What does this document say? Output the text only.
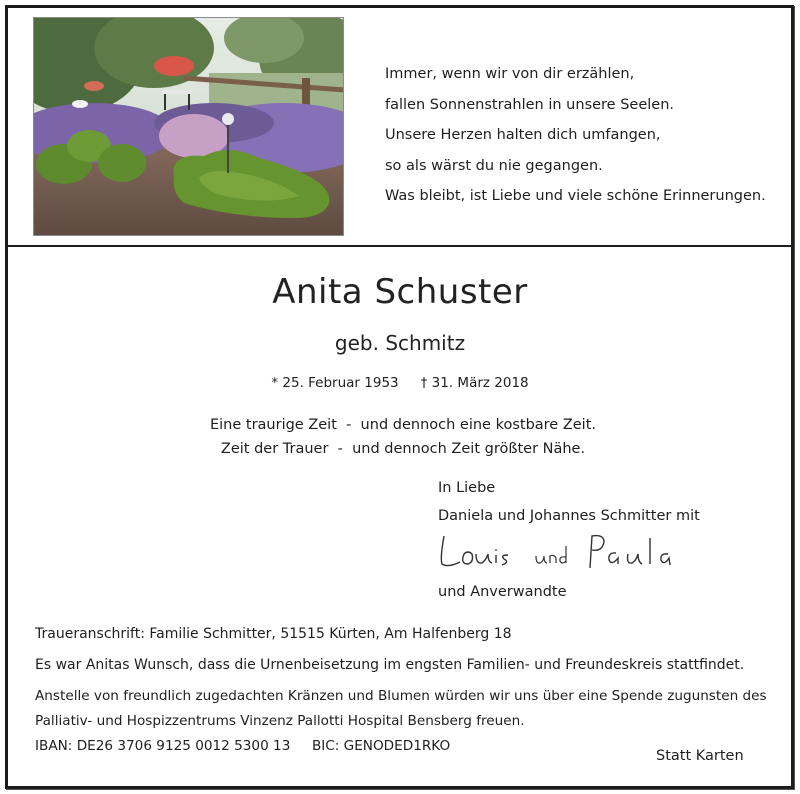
Immer, wenn wir von dir erzählen,
fallen Sonnenstrahlen in unsere Seelen.
Unsere Herzen halten dich umfangen,
so als wärst du nie gegangen.
Was bleibt, ist Liebe und viele schöne Erinnerungen.
Anita Schuster
geb. Schmitz
* 25. Februar 1953 † 31. März 2018
Eine traurige Zeit  -  und dennoch eine kostbare Zeit.
Zeit der Trauer  -  und dennoch Zeit größter Nähe.
In Liebe
Daniela und Johannes Schmitter mit
und Anverwandte
Traueranschrift: Familie Schmitter, 51515 Kürten, Am Halfenberg 18
Es war Anitas Wunsch, dass die Urnenbeisetzung im engsten Familien- und Freundeskreis stattfindet.
Anstelle von freundlich zugedachten Kränzen und Blumen würden wir uns über eine Spende zugunsten des
Palliativ- und Hospizzentrums Vinzenz Pallotti Hospital Bensberg freuen.
IBAN: DE26 3706 9125 0012 5300 13     BIC: GENODED1RKO
Statt Karten
